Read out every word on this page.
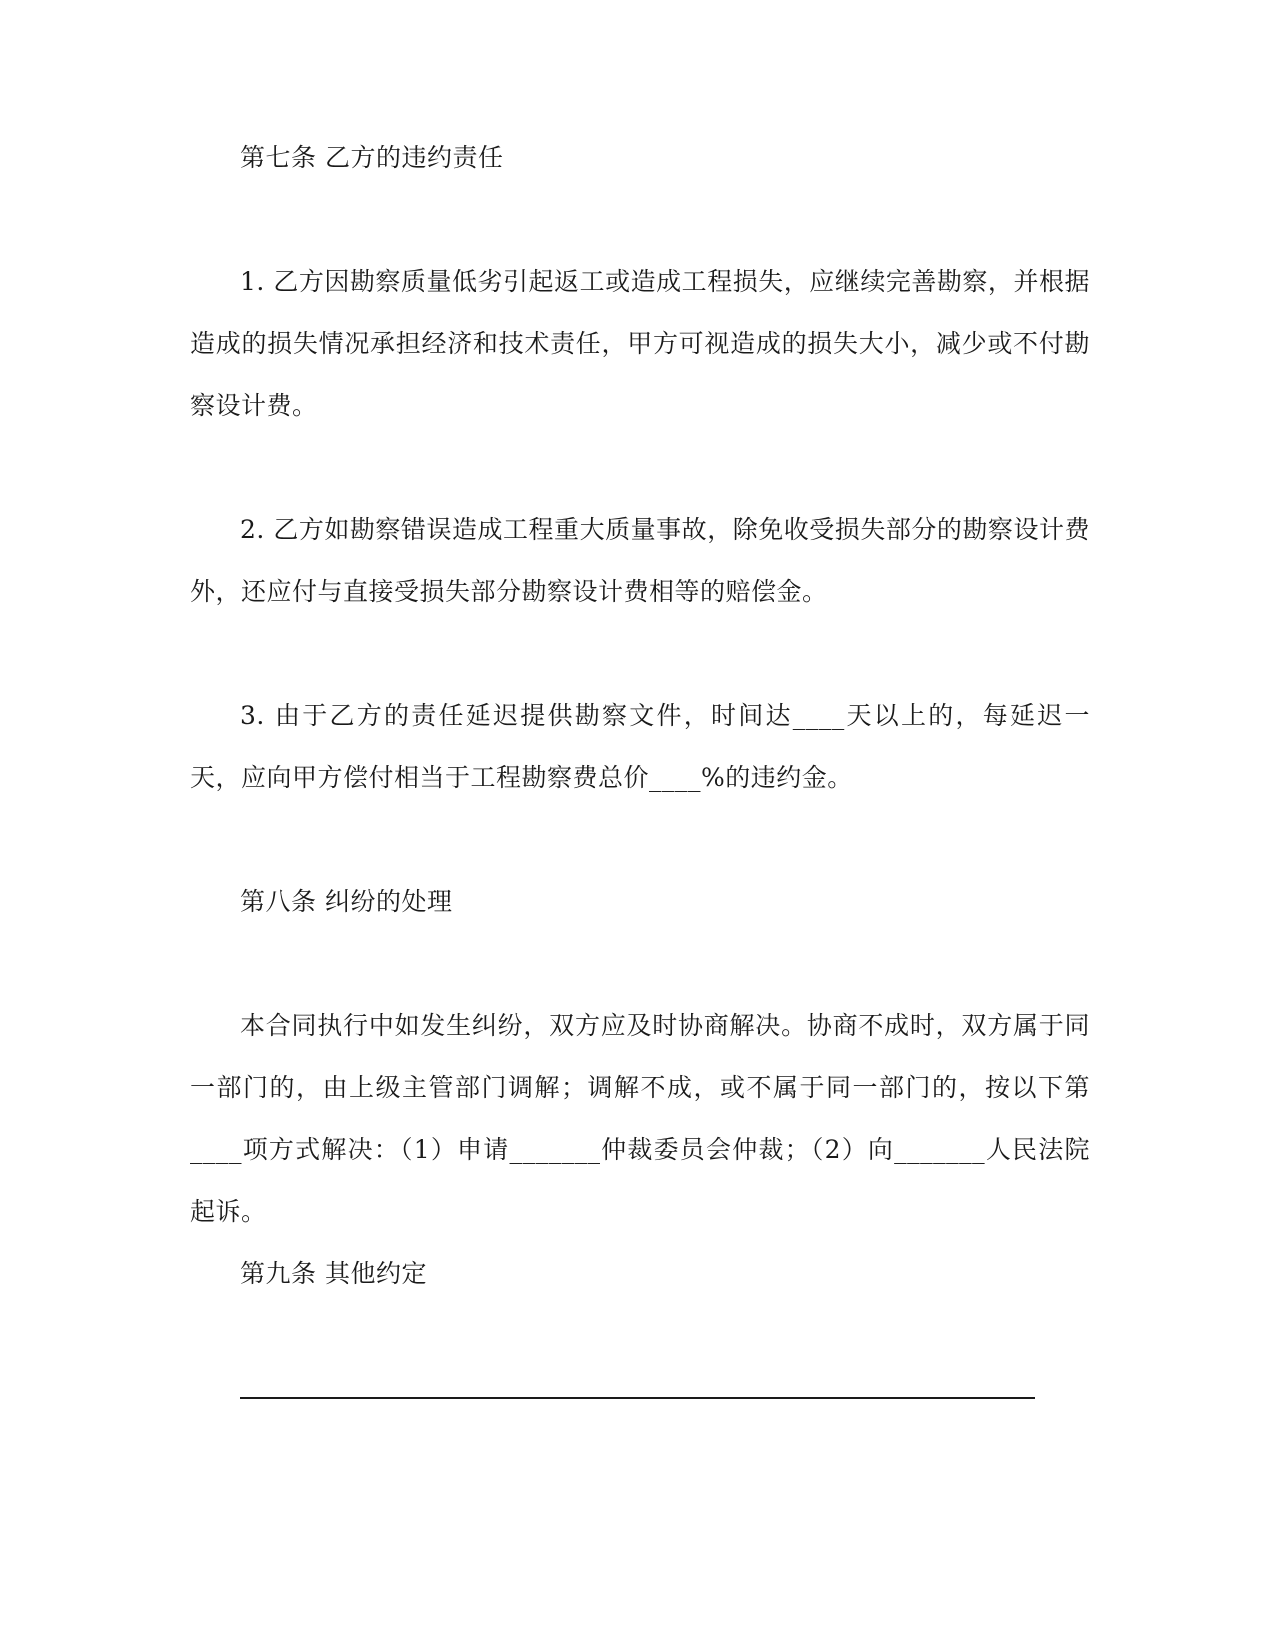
第七条 乙方的违约责任
1. 乙方因勘察质量低劣引起返工或造成工程损失，应继续完善勘察，并根据造成的损失情况承担经济和技术责任，甲方可视造成的损失大小，减少或不付勘察设计费。
2. 乙方如勘察错误造成工程重大质量事故，除免收受损失部分的勘察设计费外，还应付与直接受损失部分勘察设计费相等的赔偿金。
3. 由于乙方的责任延迟提供勘察文件，时间达____天以上的，每延迟一天，应向甲方偿付相当于工程勘察费总价____%的违约金。
第八条 纠纷的处理
本合同执行中如发生纠纷，双方应及时协商解决。协商不成时，双方属于同一部门的，由上级主管部门调解；调解不成，或不属于同一部门的，按以下第____项方式解决：（1）申请_______仲裁委员会仲裁；（2）向_______人民法院起诉。
第九条 其他约定
